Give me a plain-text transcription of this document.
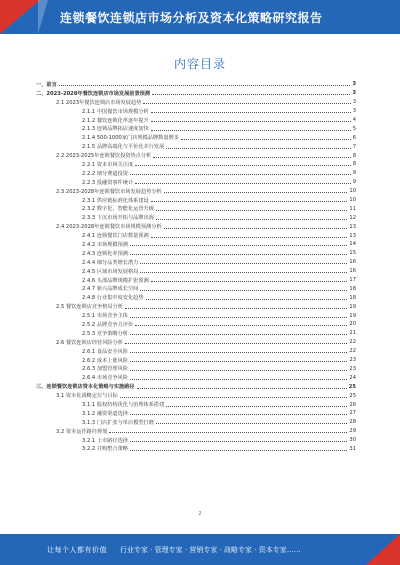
连锁餐饮连锁店市场分析及资本化策略研究报告
内容目录
一、前言	3
二、2023-2028年餐饮连锁店市场发展前景预测	3
2.1 2023年餐饮连锁店市场发展趋势	3
2.1.1 中国餐饮市场规模分析	3
2.1.2 餐饮连锁化率逐年提升	4
2.1.3 连锁品牌拓店速度加快	5
2.1.4 500-1000家门店规模品牌数量增多	6
2.1.5 品牌高端化与平价化并行发展	7
2.2 2023-2025年连锁餐饮投资热点分析	8
2.2.1 资本市场关注度	8
2.2.2 细分赛道投资	9
2.2.3 投融资事件统计	9
2.3 2023-2028年连锁餐饮市场发展趋势分析	10
2.3.1 供应链标准化体系建设	10
2.3.2 数字化、智能化运营升级	11
2.3.3 下沉市场开拓与品牌出海	12
2.4 2023-2028年连锁餐饮市场规模预测分析	13
2.4.1 连锁餐饮门店数量预测	13
2.4.2 市场规模预测	14
2.4.3 连锁化率预测	15
2.4.4 细分品类增长潜力	16
2.4.5 区域市场发展格局	16
2.4.6 头部品牌规模扩张预测	17
2.4.7 新兴品牌成长空间	18
2.4.8 行业集中度变化趋势	18
2.5 餐饮连锁店竞争格局分析	19
2.5.1 市场竞争主体	19
2.5.2 品牌竞争力评价	20
2.5.3 竞争策略分析	21
2.6 餐饮连锁店经营风险分析	22
2.6.1 食品安全风险	22
2.6.2 成本上涨风险	23
2.6.3 加盟管理风险	23
2.6.4 市场竞争风险	24
三、连锁餐饮连锁店资本化策略与实施路径	25
3.1 资本化战略定位与目标	25
3.1.1 股权结构优化与治理体系搭建	26
3.1.2 融资渠道选择	27
3.1.3 门店扩张与单店模型打磨	28
3.2 资本运作路径规划	29
3.2.1 上市路径选择	30
3.2.2 并购整合策略	31
2
让每个人都有价值 行业专家 · 管理专家 · 营销专家 · 战略专家 · 资本专家……
